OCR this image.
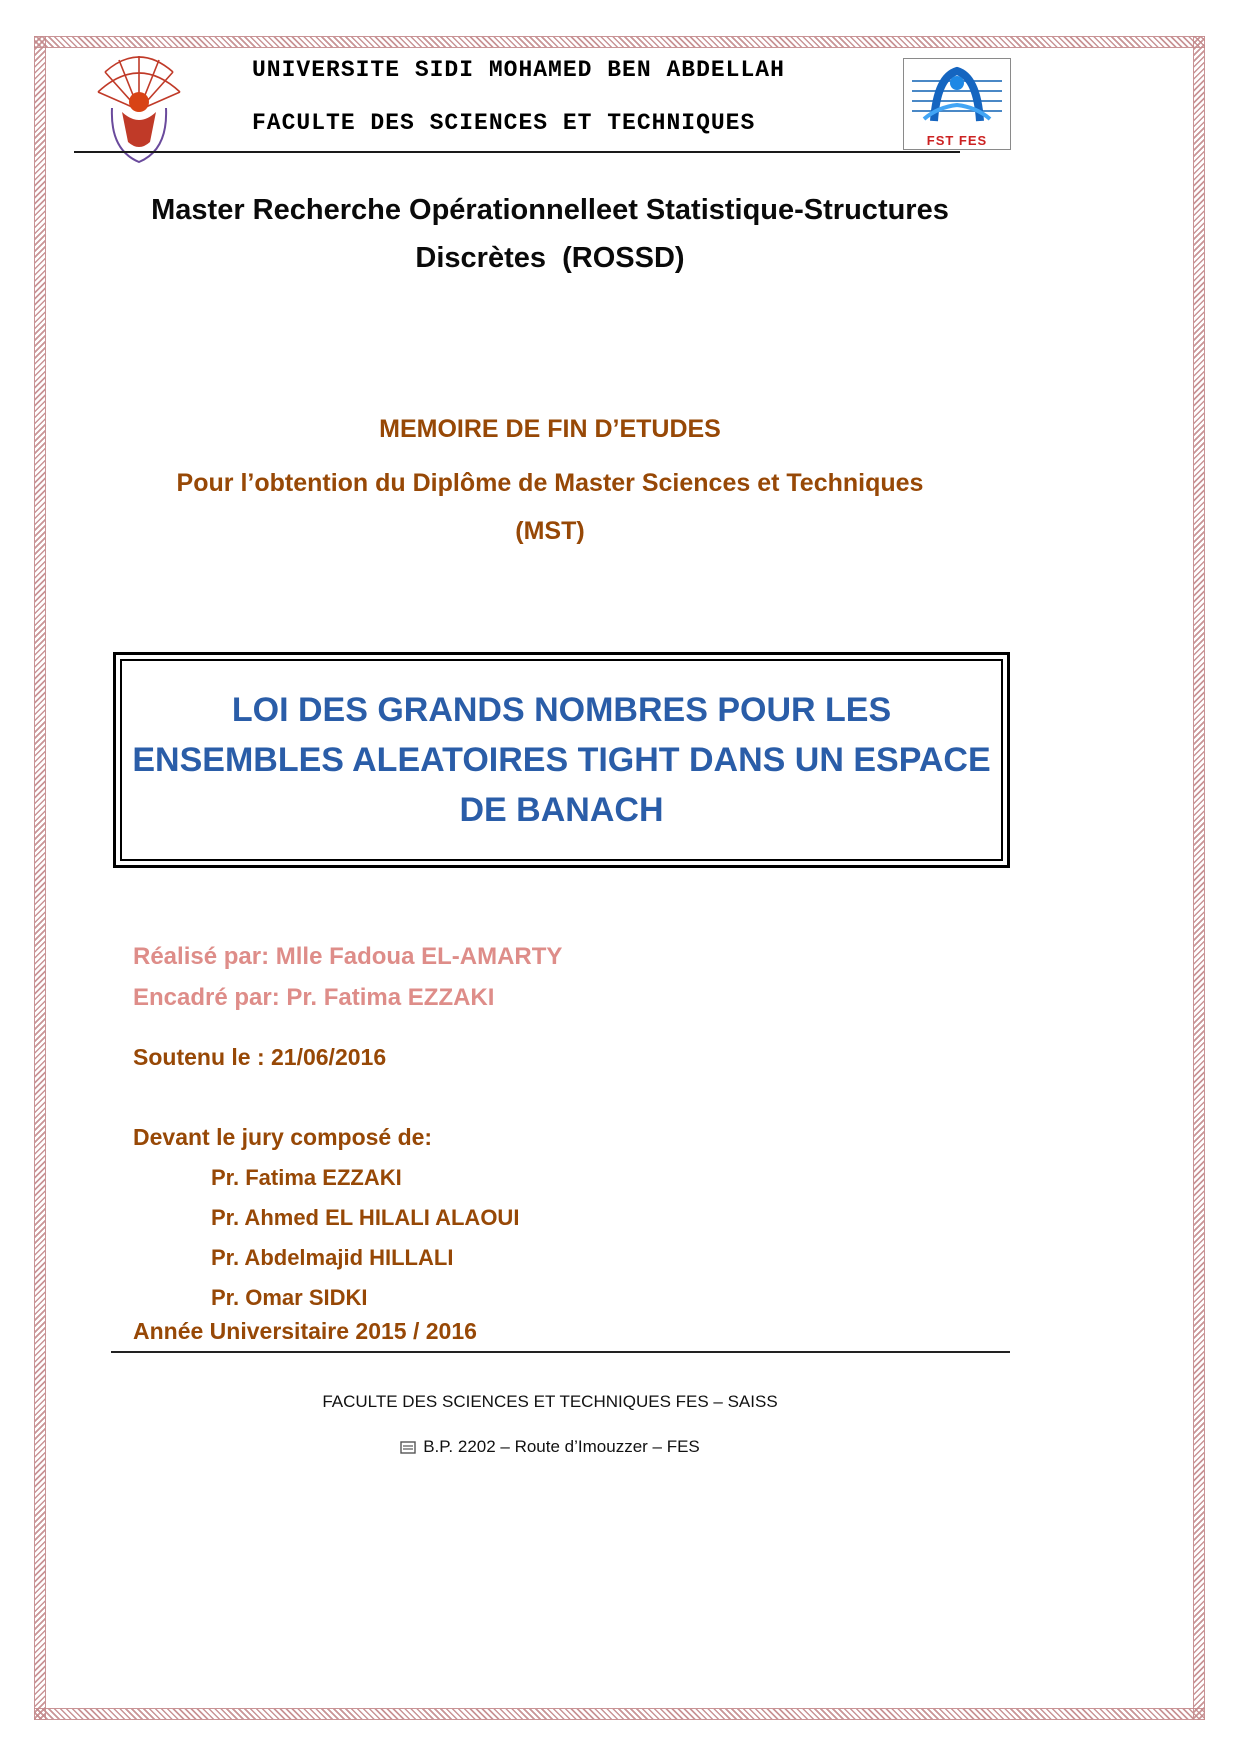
UNIVERSITE SIDI MOHAMED BEN ABDELLAH
FACULTE DES SCIENCES ET TECHNIQUES
FST FES
Master Recherche Opérationnelleet Statistique-Structures
Discrètes  (ROSSD)
MEMOIRE DE FIN D’ETUDES
Pour l’obtention du Diplôme de Master Sciences et Techniques
(MST)
LOI DES GRANDS NOMBRES POUR LES
ENSEMBLES ALEATOIRES TIGHT DANS UN ESPACE
DE BANACH
Réalisé par: Mlle Fadoua EL-AMARTY
Encadré par: Pr. Fatima EZZAKI
Soutenu le : 21/06/2016
Devant le jury composé de:
Pr. Fatima EZZAKI
Pr. Ahmed EL HILALI ALAOUI
Pr. Abdelmajid HILLALI
Pr. Omar SIDKI
Année Universitaire 2015 / 2016
FACULTE DES SCIENCES ET TECHNIQUES FES – SAISS
B.P. 2202 – Route d’Imouzzer – FES
